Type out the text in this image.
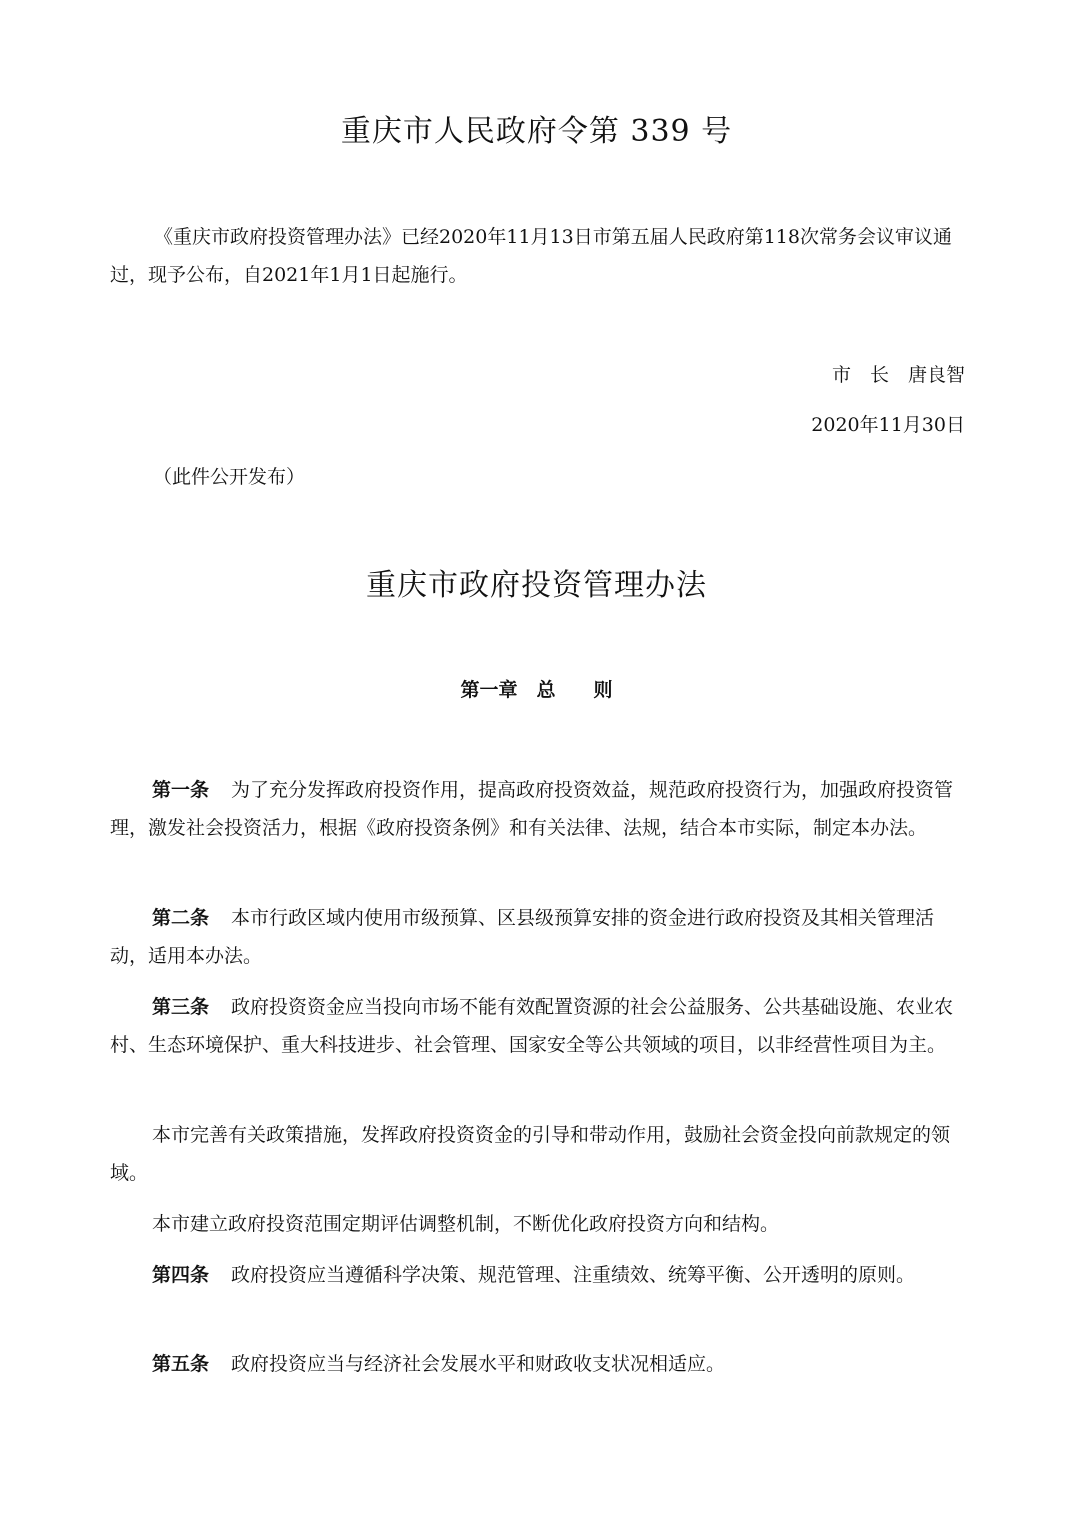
重庆市人民政府令第 339 号

《重庆市政府投资管理办法》已经2020年11月13日市第五届人民政府第118次常务会议审议通过，现予公布，自2021年1月1日起施行。

市　长　唐良智
2020年11月30日
（此件公开发布）
重庆市政府投资管理办法
第一章　总　　则

第一条 为了充分发挥政府投资作用，提高政府投资效益，规范政府投资行为，加强政府投资管理，激发社会投资活力，根据《政府投资条例》和有关法律、法规，结合本市实际，制定本办法。

第二条 本市行政区域内使用市级预算、区县级预算安排的资金进行政府投资及其相关管理活动，适用本办法。

第三条 政府投资资金应当投向市场不能有效配置资源的社会公益服务、公共基础设施、农业农村、生态环境保护、重大科技进步、社会管理、国家安全等公共领域的项目，以非经营性项目为主。

本市完善有关政策措施，发挥政府投资资金的引导和带动作用，鼓励社会资金投向前款规定的领域。

本市建立政府投资范围定期评估调整机制，不断优化政府投资方向和结构。

第四条 政府投资应当遵循科学决策、规范管理、注重绩效、统筹平衡、公开透明的原则。

第五条 政府投资应当与经济社会发展水平和财政收支状况相适应。
